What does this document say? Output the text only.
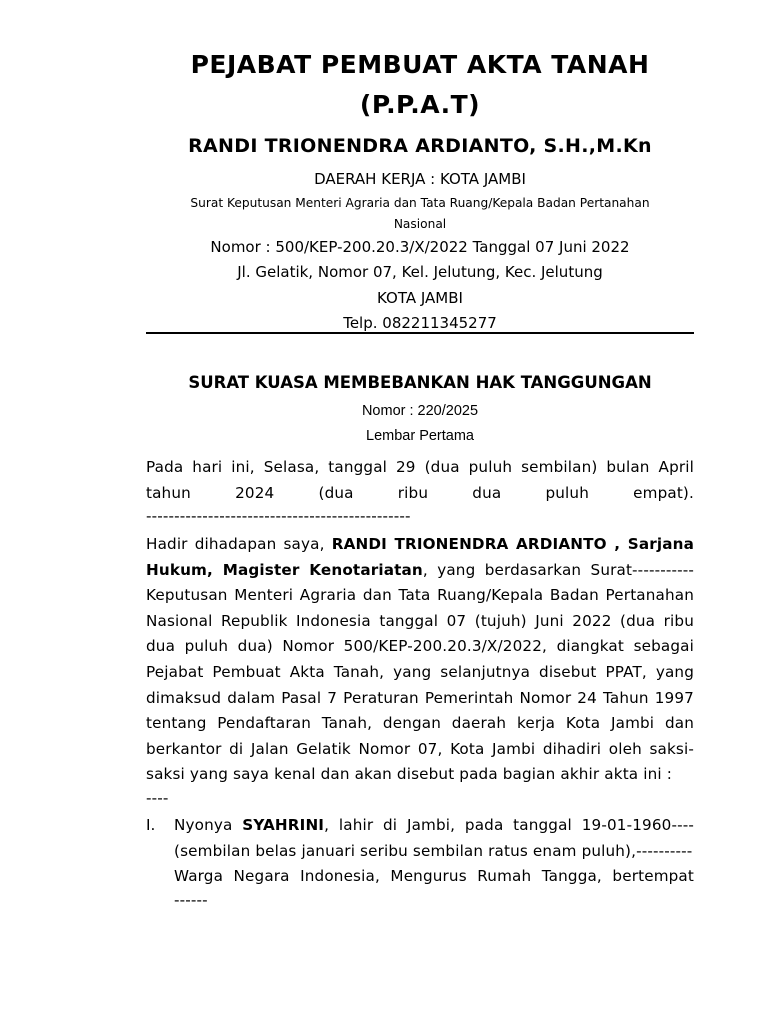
PEJABAT PEMBUAT AKTA TANAH
(P.P.A.T)
RANDI TRIONENDRA ARDIANTO, S.H.,M.Kn
DAERAH KERJA : KOTA JAMBI
Surat Keputusan Menteri Agraria dan Tata Ruang/Kepala Badan Pertanahan
Nasional
Nomor : 500/KEP-200.20.3/X/2022 Tanggal 07 Juni 2022
Jl. Gelatik, Nomor 07, Kel. Jelutung, Kec. Jelutung
KOTA JAMBI
Telp. 082211345277
SURAT KUASA MEMBEBANKAN HAK TANGGUNGAN
Nomor : 220/2025
Lembar Pertama
Pada hari ini, Selasa, tanggal 29 (dua puluh sembilan) bulan April
tahun 2024 (dua ribu dua puluh empat).
-----------------------------------------------
Hadir dihadapan saya, RANDI TRIONENDRA ARDIANTO , Sarjana Hukum, Magister Kenotariatan, yang berdasarkan Surat----------- Keputusan Menteri Agraria dan Tata Ruang/Kepala Badan Pertanahan Nasional Republik Indonesia tanggal 07 (tujuh) Juni 2022 (dua ribu dua puluh dua) Nomor 500/KEP-200.20.3/X/2022, diangkat sebagai Pejabat Pembuat Akta Tanah, yang selanjutnya disebut PPAT, yang dimaksud dalam Pasal 7 Peraturan Pemerintah Nomor 24 Tahun 1997 tentang Pendaftaran Tanah, dengan daerah kerja Kota Jambi dan berkantor di Jalan Gelatik Nomor 07, Kota Jambi dihadiri oleh saksi-saksi yang saya kenal dan akan disebut pada bagian akhir akta ini :
----
I. Nyonya SYAHRINI, lahir di Jambi, pada tanggal 19-01-1960----
(sembilan belas januari seribu sembilan ratus enam puluh),----------
Warga Negara Indonesia, Mengurus Rumah Tangga, bertempat
------
